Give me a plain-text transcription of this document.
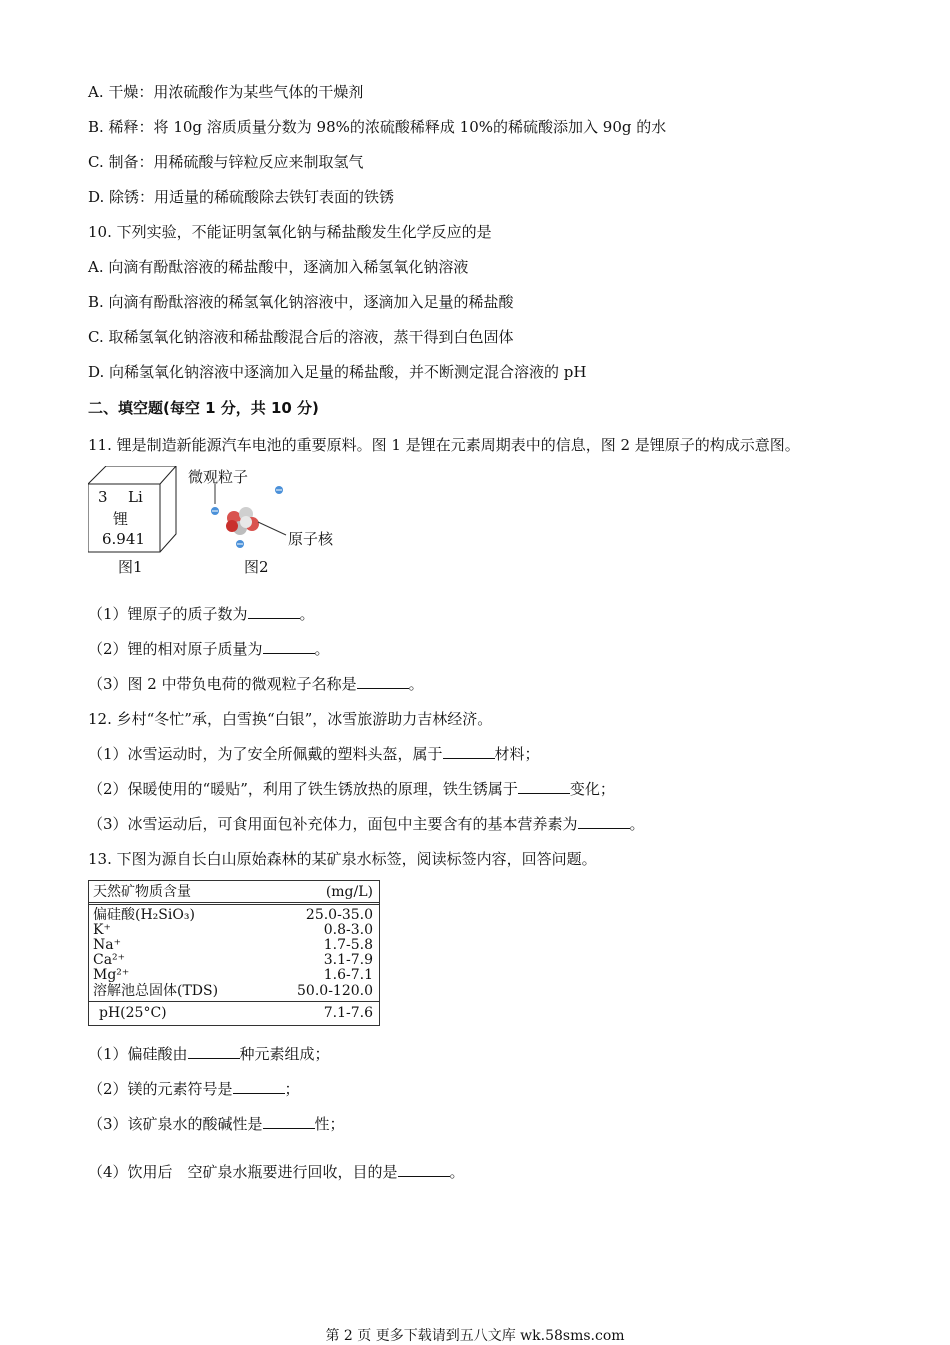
A. 干燥：用浓硫酸作为某些气体的干燥剂
B. 稀释：将 10g 溶质质量分数为 98%的浓硫酸稀释成 10%的稀硫酸添加入 90g 的水
C. 制备：用稀硫酸与锌粒反应来制取氢气
D. 除锈：用适量的稀硫酸除去铁钉表面的铁锈
10. 下列实验，不能证明氢氧化钠与稀盐酸发生化学反应的是
A. 向滴有酚酞溶液的稀盐酸中，逐滴加入稀氢氧化钠溶液
B. 向滴有酚酞溶液的稀氢氧化钠溶液中，逐滴加入足量的稀盐酸
C. 取稀氢氧化钠溶液和稀盐酸混合后的溶液，蒸干得到白色固体
D. 向稀氢氧化钠溶液中逐滴加入足量的稀盐酸，并不断测定混合溶液的 pH
二、填空题(每空 1 分，共 10 分)
11. 锂是制造新能源汽车电池的重要原料。图 1 是锂在元素周期表中的信息，图 2 是锂原子的构成示意图。
3 Li
锂
6.941
图1
微观粒子
原子核
图2
（1）锂原子的质子数为	。
（2）锂的相对原子质量为	。
（3）图 2 中带负电荷的微观粒子名称是	。
12. 乡村“冬忙”承，白雪换“白银”，冰雪旅游助力吉林经济。
（1）冰雪运动时，为了安全所佩戴的塑料头盔，属于	材料；
（2）保暖使用的“暖贴”，利用了铁生锈放热的原理，铁生锈属于	变化；
（3）冰雪运动后，可食用面包补充体力，面包中主要含有的基本营养素为	。
13. 下图为源自长白山原始森林的某矿泉水标签，阅读标签内容，回答问题。
天然矿物质含量	(mg/L)
偏硅酸(H₂SiO₃)	25.0-35.0
K⁺	0.8-3.0
Na⁺	1.7-5.8
Ca²⁺	3.1-7.9
Mg²⁺	1.6-7.1
溶解池总固体(TDS)	50.0-120.0
pH(25°C)	7.1-7.6
（1）偏硅酸由	种元素组成；
（2）镁的元素符号是	；
（3）该矿泉水的酸碱性是	性；
（4）饮用后　空矿泉水瓶要进行回收，目的是	。
第 2 页 更多下载请到五八文库 wk.58sms.com
